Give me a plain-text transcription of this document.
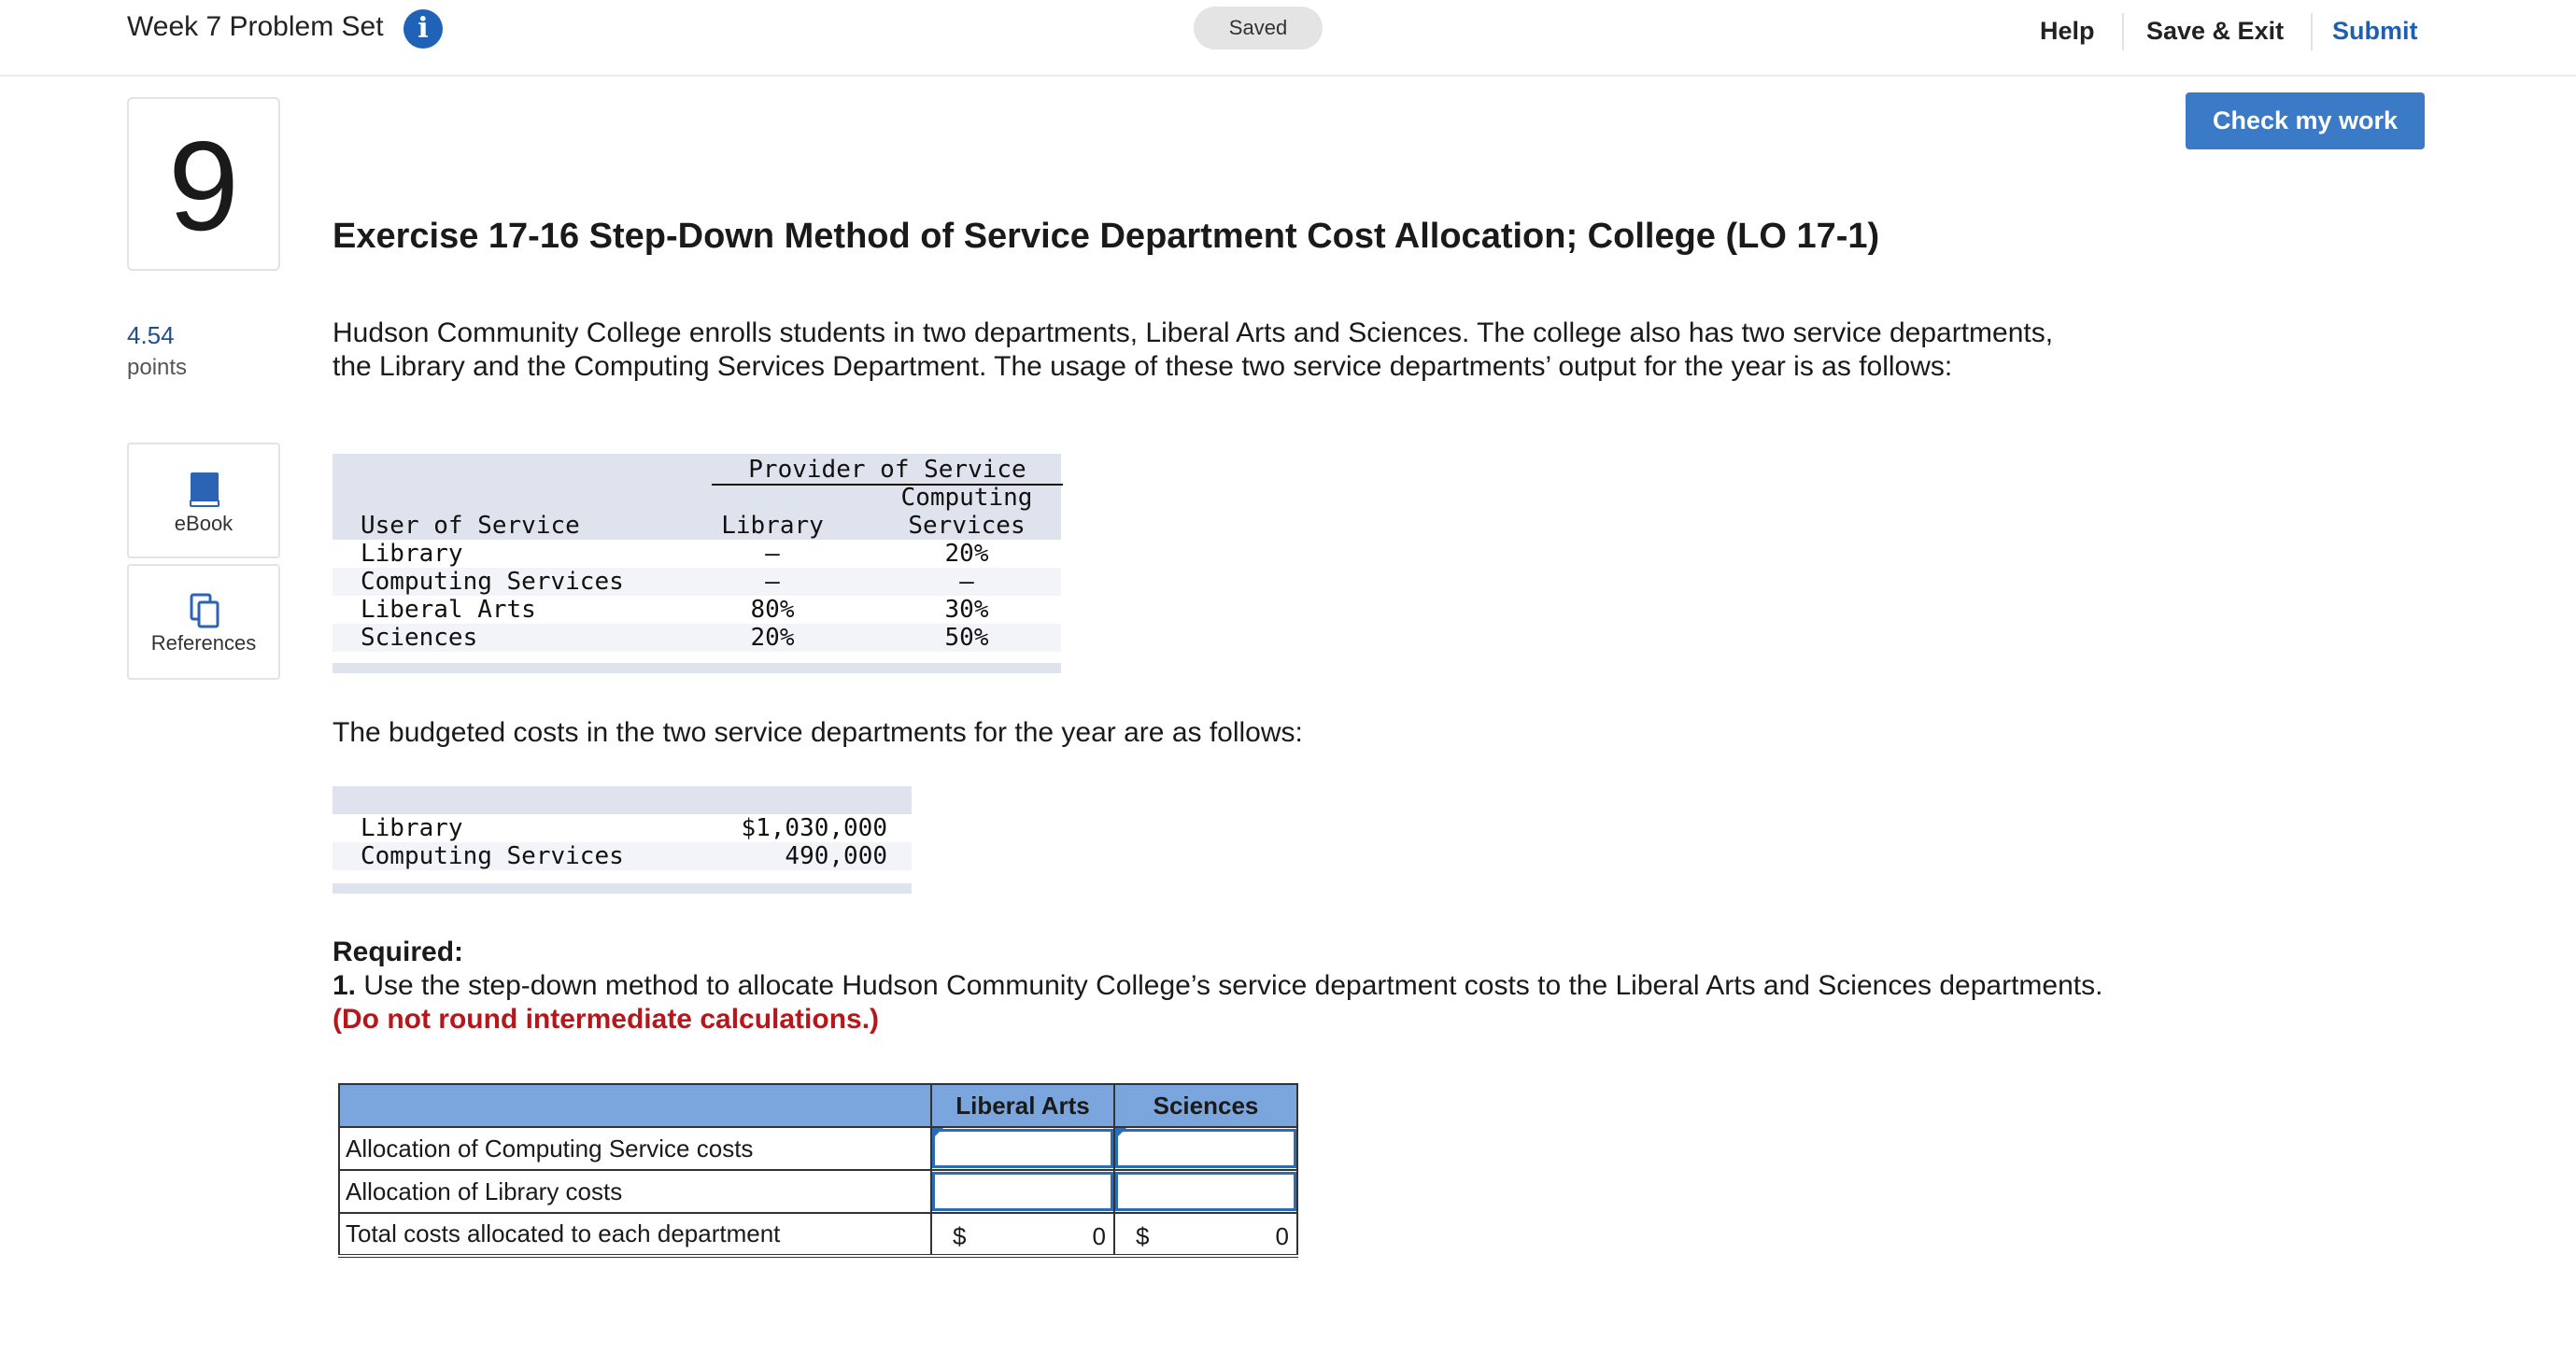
Week 7 Problem Set	i	Saved	Help Save & Exit Submit
Check my work
9
4.54
points
eBook
References
Exercise 17-16 Step-Down Method of Service Department Cost Allocation; College (LO 17-1)
Hudson Community College enrolls students in two departments, Liberal Arts and Sciences. The college also has two service departments, the Library and the Computing Services Department. The usage of these two service departments’ output for the year is as follows:
Provider of Service
Computing
User of Service	Library	Services
Library	–	20%
Computing Services	–	–
Liberal Arts	80%	30%
Sciences	20%	50%
The budgeted costs in the two service departments for the year are as follows:
Library	$1,030,000
Computing Services	490,000
Required:
1. Use the step-down method to allocate Hudson Community College’s service department costs to the Liberal Arts and Sciences departments. (Do not round intermediate calculations.)
	Liberal Arts	Sciences
Allocation of Computing Service costs	

Allocation of Library costs		
Total costs allocated to each department	$ 0	$ 0
